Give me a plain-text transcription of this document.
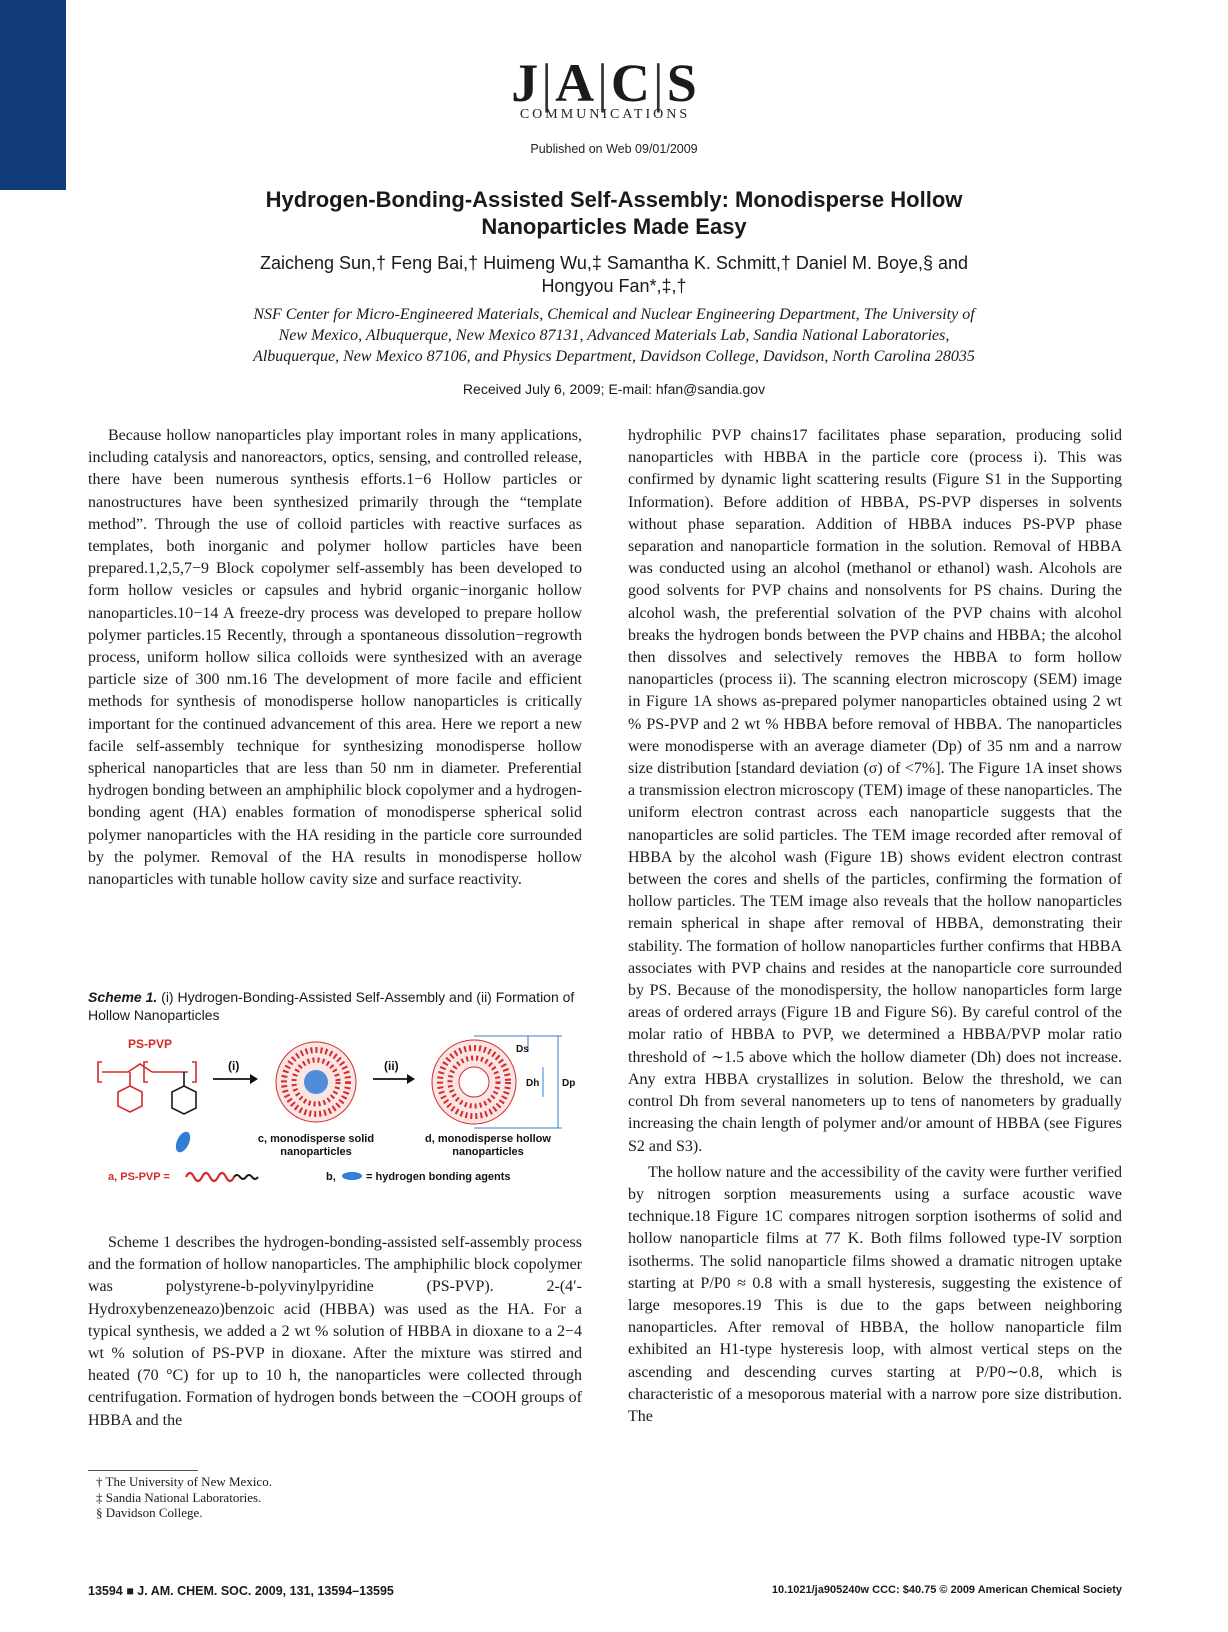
J|A|C|S
COMMUNICATIONS
Published on Web 09/01/2009
Hydrogen-Bonding-Assisted Self-Assembly: Monodisperse Hollow
Nanoparticles Made Easy
Zaicheng Sun,† Feng Bai,† Huimeng Wu,‡ Samantha K. Schmitt,† Daniel M. Boye,§ and
Hongyou Fan*,‡,†
NSF Center for Micro-Engineered Materials, Chemical and Nuclear Engineering Department, The University of
New Mexico, Albuquerque, New Mexico 87131, Advanced Materials Lab, Sandia National Laboratories,
Albuquerque, New Mexico 87106, and Physics Department, Davidson College, Davidson, North Carolina 28035
Received July 6, 2009; E-mail: hfan@sandia.gov

Because hollow nanoparticles play important roles in many applications, including catalysis and nanoreactors, optics, sensing, and controlled release, there have been numerous synthesis efforts.1−6 Hollow particles or nanostructures have been synthesized primarily through the “template method”. Through the use of colloid particles with reactive surfaces as templates, both inorganic and polymer hollow particles have been prepared.1,2,5,7−9 Block copolymer self-assembly has been developed to form hollow vesicles or capsules and hybrid organic−inorganic hollow nanoparticles.10−14 A freeze-dry process was developed to prepare hollow polymer particles.15 Recently, through a spontaneous dissolution−regrowth process, uniform hollow silica colloids were synthesized with an average particle size of 300 nm.16 The development of more facile and efficient methods for synthesis of monodisperse hollow nanoparticles is critically important for the continued advancement of this area. Here we report a new facile self-assembly technique for synthesizing monodisperse hollow spherical nanoparticles that are less than 50 nm in diameter. Preferential hydrogen bonding between an amphiphilic block copolymer and a hydrogen-bonding agent (HA) enables formation of monodisperse spherical solid polymer nanoparticles with the HA residing in the particle core surrounded by the polymer. Removal of the HA results in monodisperse hollow nanoparticles with tunable hollow cavity size and surface reactivity.

Scheme 1. (i) Hydrogen-Bonding-Assisted Self-Assembly and (ii) Formation of Hollow Nanoparticles
PS-PVP
(i)	(ii)
Ds
Dh Dp
c, monodisperse solid
nanoparticles
d, monodisperse hollow
nanoparticles
a, PS-PVP =	b,	= hydrogen bonding agents

Scheme 1 describes the hydrogen-bonding-assisted self-assembly process and the formation of hollow nanoparticles. The amphiphilic block copolymer was polystyrene-b-polyvinylpyridine (PS-PVP). 2-(4′-Hydroxybenzeneazo)benzoic acid (HBBA) was used as the HA. For a typical synthesis, we added a 2 wt % solution of HBBA in dioxane to a 2−4 wt % solution of PS-PVP in dioxane. After the mixture was stirred and heated (70 °C) for up to 10 h, the nanoparticles were collected through centrifugation. Formation of hydrogen bonds between the −COOH groups of HBBA and the

hydrophilic PVP chains17 facilitates phase separation, producing solid nanoparticles with HBBA in the particle core (process i). This was confirmed by dynamic light scattering results (Figure S1 in the Supporting Information). Before addition of HBBA, PS-PVP disperses in solvents without phase separation. Addition of HBBA induces PS-PVP phase separation and nanoparticle formation in the solution. Removal of HBBA was conducted using an alcohol (methanol or ethanol) wash. Alcohols are good solvents for PVP chains and nonsolvents for PS chains. During the alcohol wash, the preferential solvation of the PVP chains with alcohol breaks the hydrogen bonds between the PVP chains and HBBA; the alcohol then dissolves and selectively removes the HBBA to form hollow nanoparticles (process ii). The scanning electron microscopy (SEM) image in Figure 1A shows as-prepared polymer nanoparticles obtained using 2 wt % PS-PVP and 2 wt % HBBA before removal of HBBA. The nanoparticles were monodisperse with an average diameter (Dp) of 35 nm and a narrow size distribution [standard deviation (σ) of <7%]. The Figure 1A inset shows a transmission electron microscopy (TEM) image of these nanoparticles. The uniform electron contrast across each nanoparticle suggests that the nanoparticles are solid particles. The TEM image recorded after removal of HBBA by the alcohol wash (Figure 1B) shows evident electron contrast between the cores and shells of the particles, confirming the formation of hollow particles. The TEM image also reveals that the hollow nanoparticles remain spherical in shape after removal of HBBA, demonstrating their stability. The formation of hollow nanoparticles further confirms that HBBA associates with PVP chains and resides at the nanoparticle core surrounded by PS. Because of the monodispersity, the hollow nanoparticles form large areas of ordered arrays (Figure 1B and Figure S6). By careful control of the molar ratio of HBBA to PVP, we determined a HBBA/PVP molar ratio threshold of ∼1.5 above which the hollow diameter (Dh) does not increase. Any extra HBBA crystallizes in solution. Below the threshold, we can control Dh from several nanometers up to tens of nanometers by gradually increasing the chain length of polymer and/or amount of HBBA (see Figures S2 and S3).

The hollow nature and the accessibility of the cavity were further verified by nitrogen sorption measurements using a surface acoustic wave technique.18 Figure 1C compares nitrogen sorption isotherms of solid and hollow nanoparticle films at 77 K. Both films followed type-IV sorption isotherms. The solid nanoparticle films showed a dramatic nitrogen uptake starting at P/P0 ≈ 0.8 with a small hysteresis, suggesting the existence of large mesopores.19 This is due to the gaps between neighboring nanoparticles. After removal of HBBA, the hollow nanoparticle film exhibited an H1-type hysteresis loop, with almost vertical steps on the ascending and descending curves starting at P/P0∼0.8, which is characteristic of a mesoporous material with a narrow pore size distribution. The

† The University of New Mexico.
‡ Sandia National Laboratories.
§ Davidson College.
13594 ■ J. AM. CHEM. SOC. 2009, 131, 13594–13595	10.1021/ja905240w CCC: $40.75 © 2009 American Chemical Society
